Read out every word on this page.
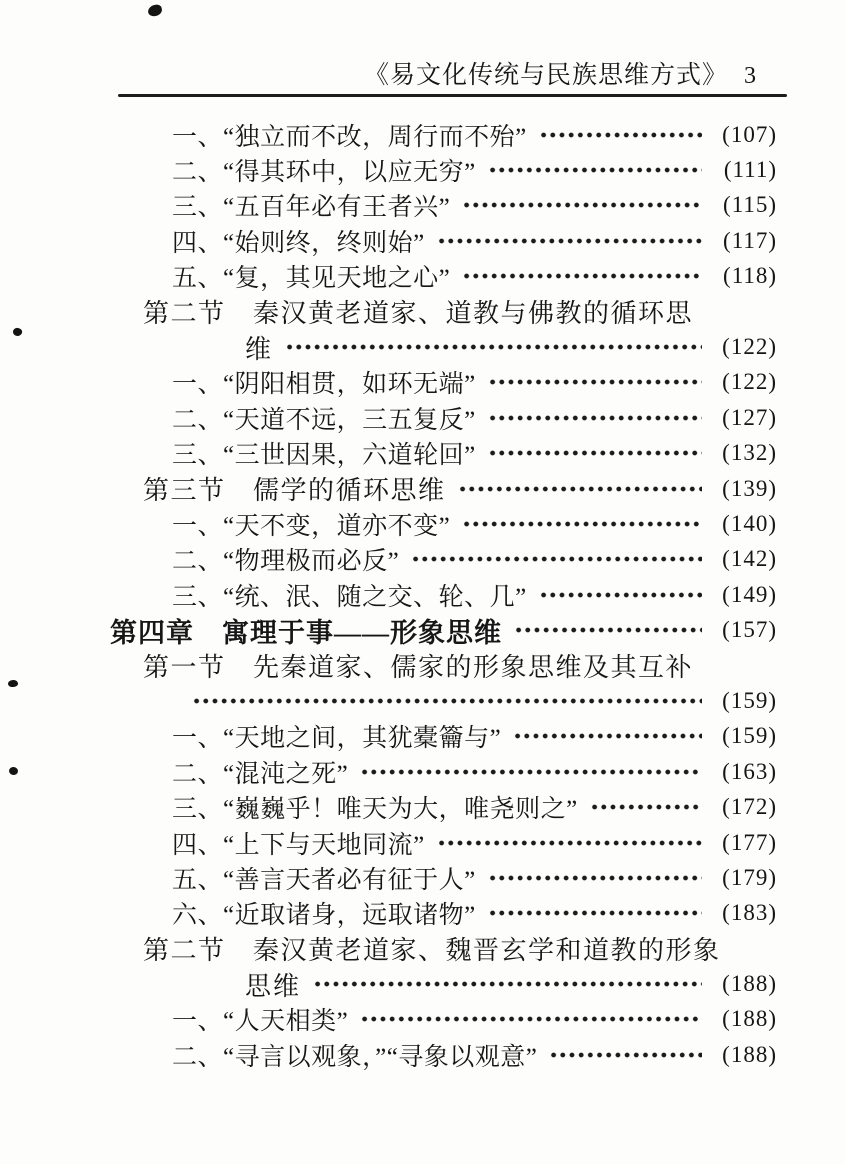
《易文化传统与民族思维方式》 3
一、“独立而不改，周行而不殆”	(107)
二、“得其环中，以应无穷”	(111)
三、“五百年必有王者兴”	(115)
四、“始则终，终则始”	(117)
五、“复，其见天地之心”	(118)
第二节　秦汉黄老道家、道教与佛教的循环思
维	(122)
一、“阴阳相贯，如环无端”	(122)
二、“天道不远，三五复反”	(127)
三、“三世因果，六道轮回”	(132)
第三节　儒学的循环思维	(139)
一、“天不变，道亦不变”	(140)
二、“物理极而必反”	(142)
三、“统、泯、随之交、轮、几”	(149)
第四章　寓理于事——形象思维	(157)
第一节　先秦道家、儒家的形象思维及其互补
(159)
一、“天地之间，其犹橐籥与”	(159)
二、“混沌之死”	(163)
三、“巍巍乎！唯天为大，唯尧则之”	(172)
四、“上下与天地同流”	(177)
五、“善言天者必有征于人”	(179)
六、“近取诸身，远取诸物”	(183)
第二节　秦汉黄老道家、魏晋玄学和道教的形象
思维	(188)
一、“人天相类”	(188)
二、“寻言以观象，”“寻象以观意”	(188)
